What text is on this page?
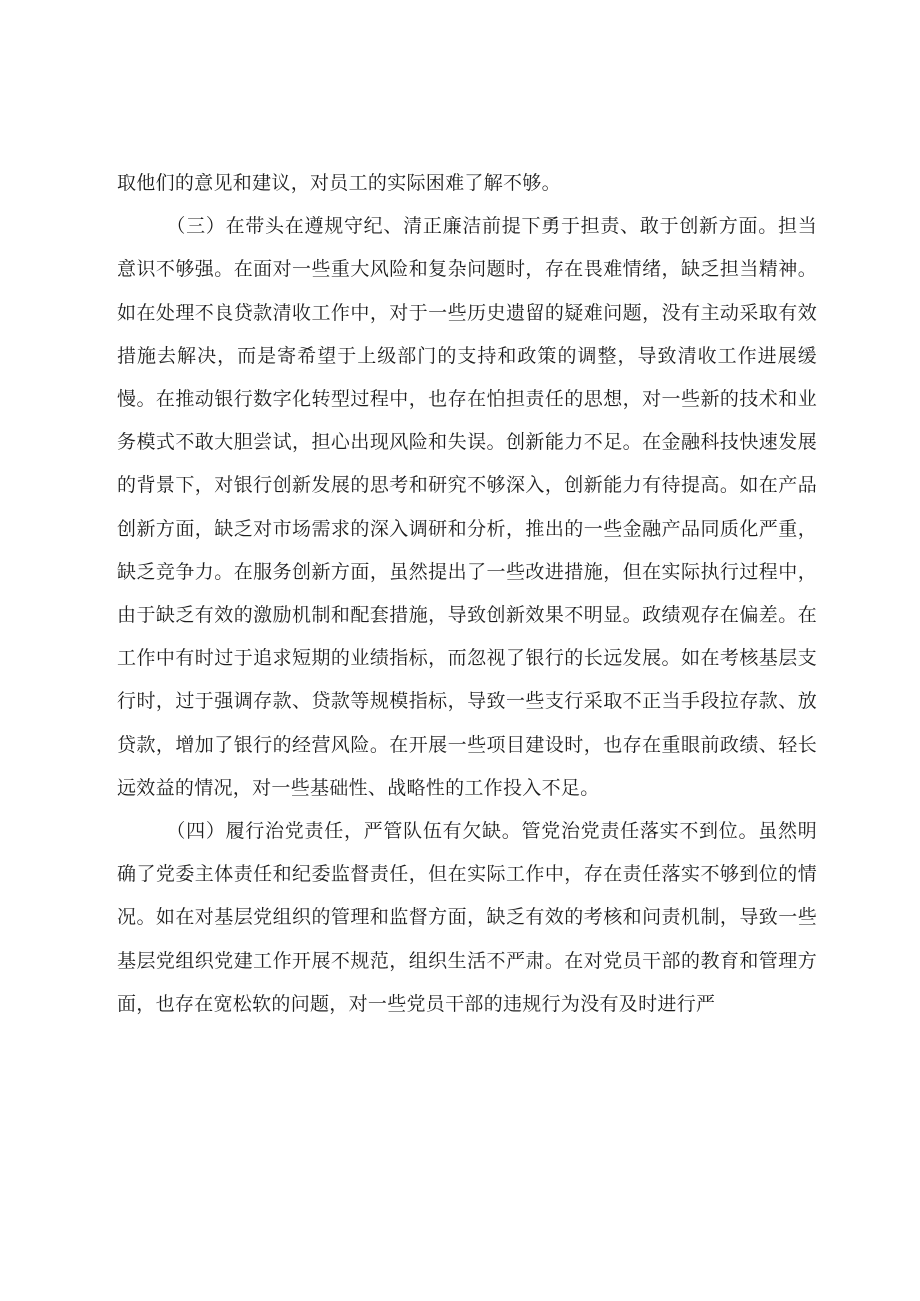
取他们的意见和建议，对员工的实际困难了解不够。

（三）在带头在遵规守纪、清正廉洁前提下勇于担责、敢于创新方面。担当意识不够强。在面对一些重大风险和复杂问题时，存在畏难情绪，缺乏担当精神。如在处理不良贷款清收工作中，对于一些历史遗留的疑难问题，没有主动采取有效措施去解决，而是寄希望于上级部门的支持和政策的调整，导致清收工作进展缓慢。在推动银行数字化转型过程中，也存在怕担责任的思想，对一些新的技术和业务模式不敢大胆尝试，担心出现风险和失误。创新能力不足。在金融科技快速发展的背景下，对银行创新发展的思考和研究不够深入，创新能力有待提高。如在产品创新方面，缺乏对市场需求的深入调研和分析，推出的一些金融产品同质化严重，缺乏竞争力。在服务创新方面，虽然提出了一些改进措施，但在实际执行过程中，由于缺乏有效的激励机制和配套措施，导致创新效果不明显。政绩观存在偏差。在工作中有时过于追求短期的业绩指标，而忽视了银行的长远发展。如在考核基层支行时，过于强调存款、贷款等规模指标，导致一些支行采取不正当手段拉存款、放贷款，增加了银行的经营风险。在开展一些项目建设时，也存在重眼前政绩、轻长远效益的情况，对一些基础性、战略性的工作投入不足。

（四）履行治党责任，严管队伍有欠缺。管党治党责任落实不到位。虽然明确了党委主体责任和纪委监督责任，但在实际工作中，存在责任落实不够到位的情况。如在对基层党组织的管理和监督方面，缺乏有效的考核和问责机制，导致一些基层党组织党建工作开展不规范，组织生活不严肃。在对党员干部的教育和管理方面，也存在宽松软的问题，对一些党员干部的违规行为没有及时进行严
